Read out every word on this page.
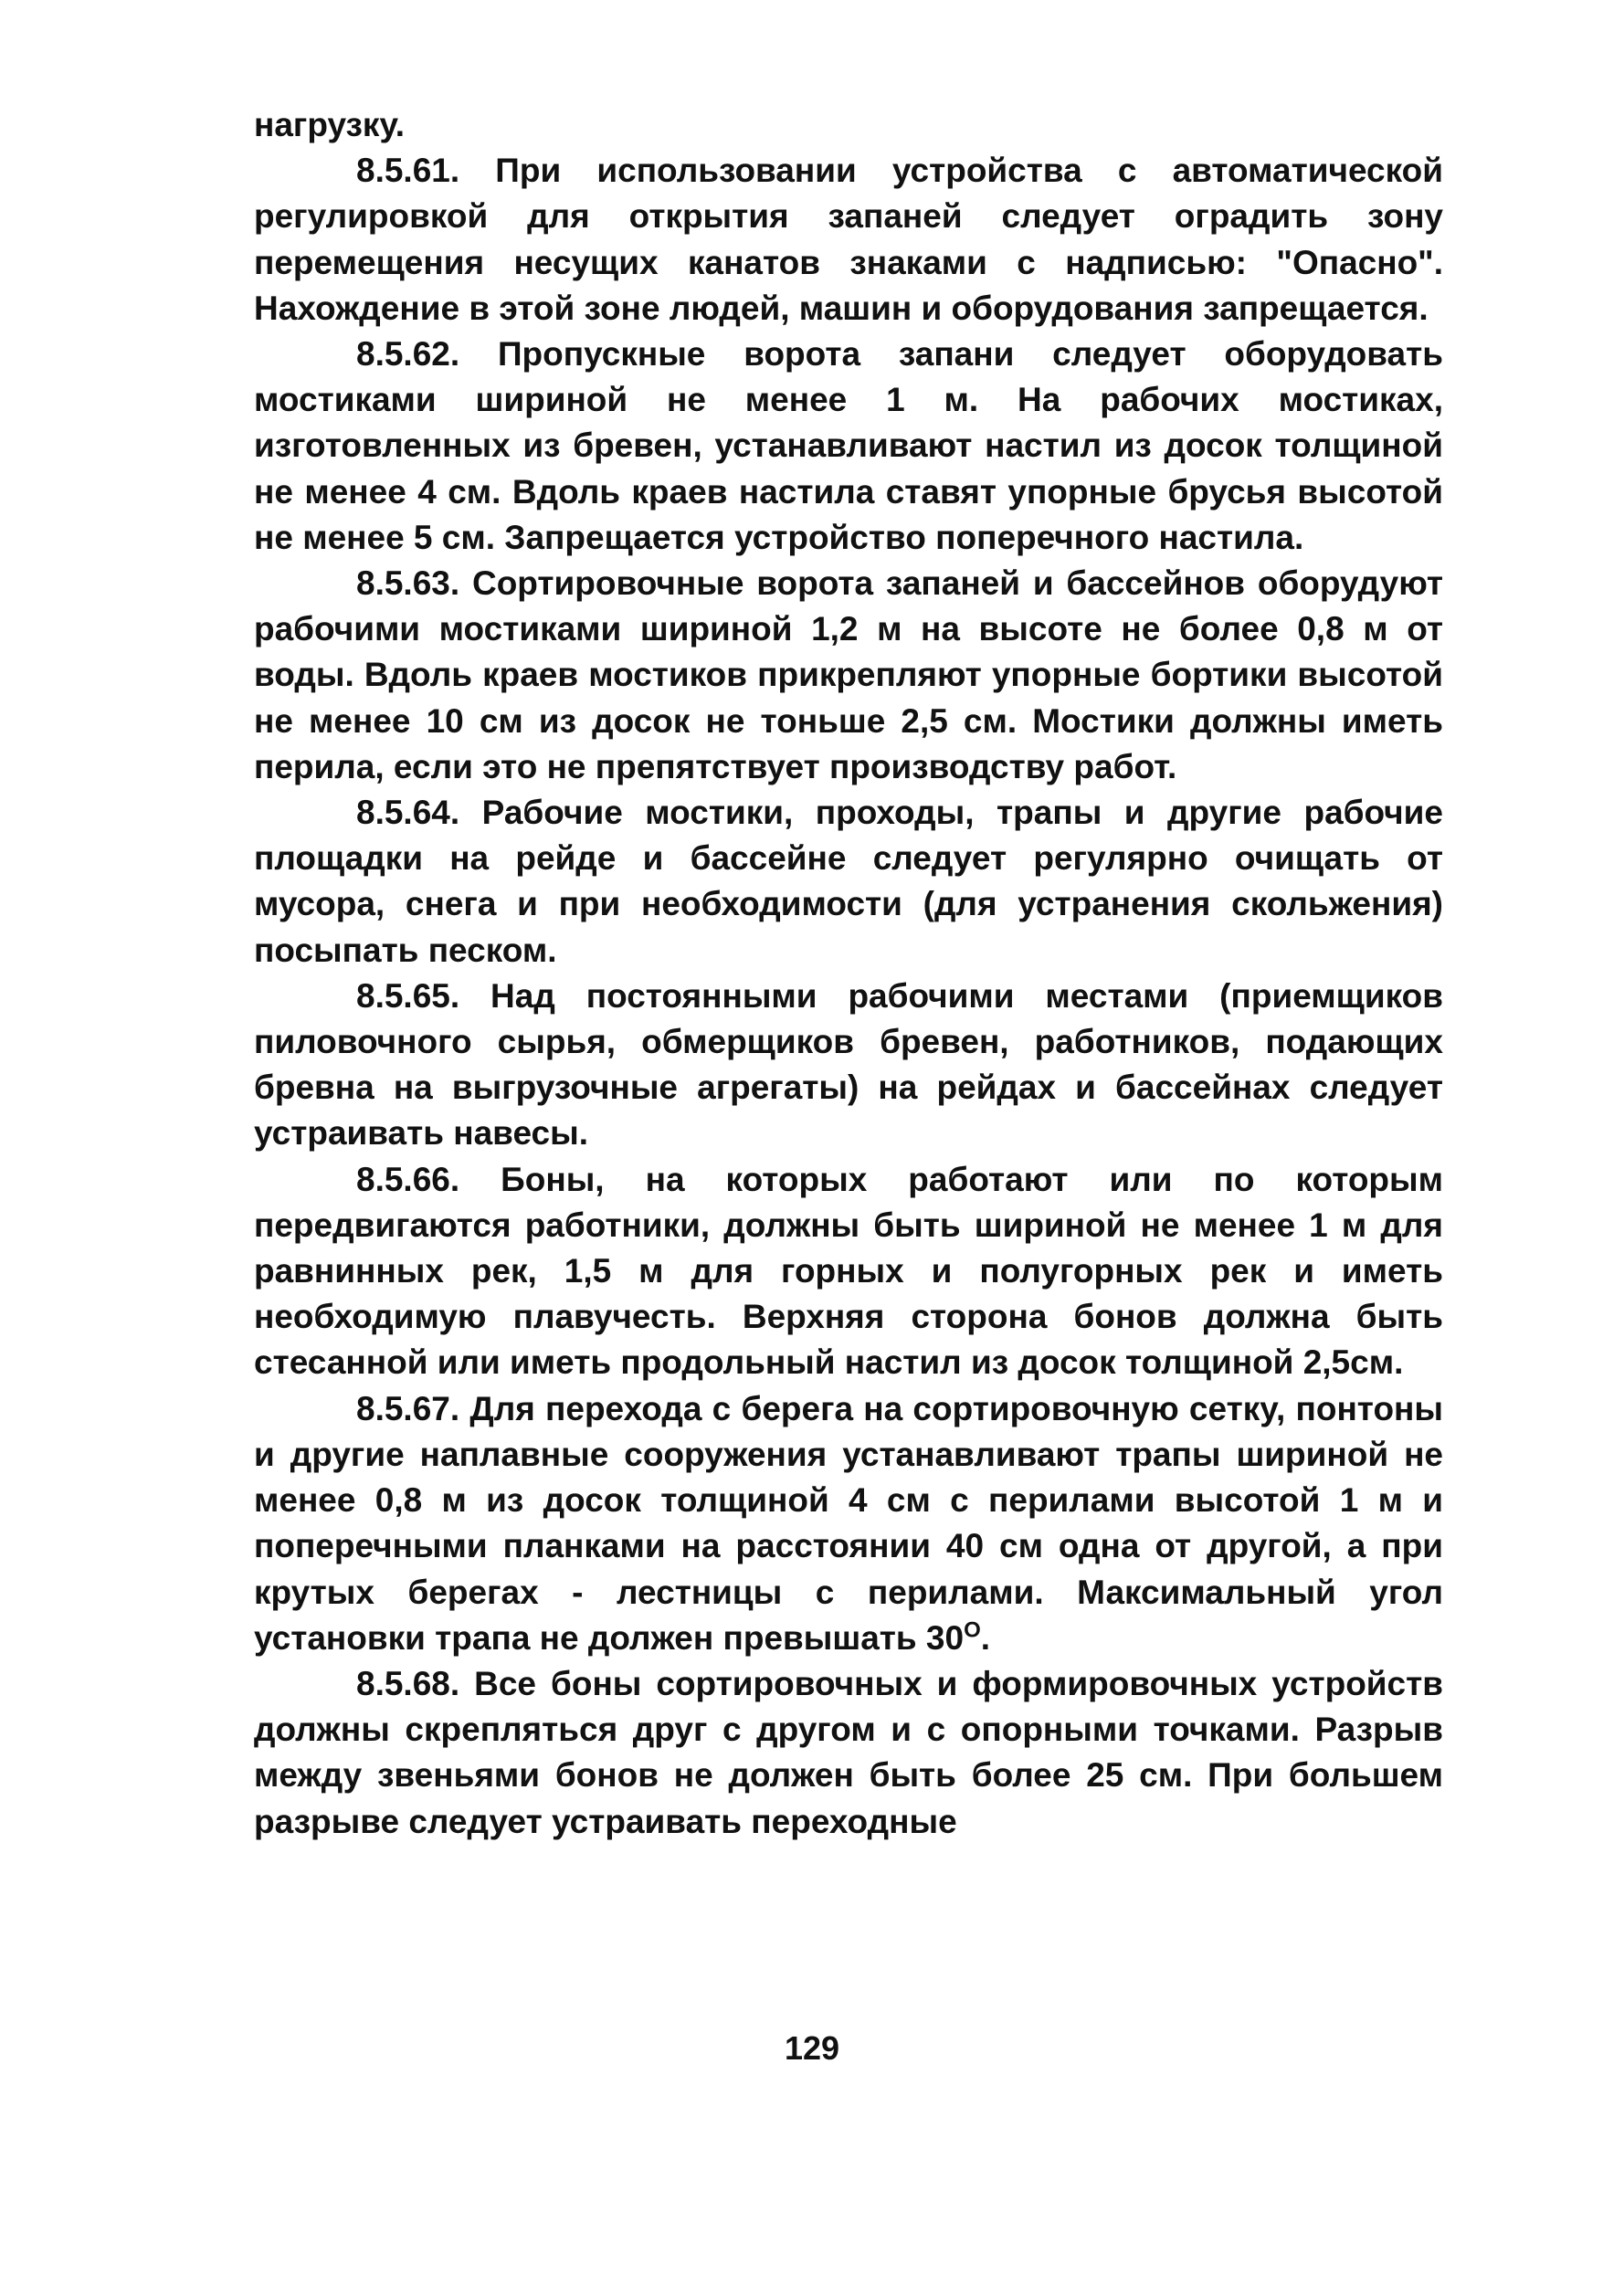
нагрузку.

8.5.61. При использовании устройства с автоматической регулировкой для открытия запаней следует оградить зону перемещения несущих канатов знаками с надписью: "Опасно". Нахождение в этой зоне людей, машин и оборудования запрещается.

8.5.62. Пропускные ворота запани следует оборудовать мостиками шириной не менее 1 м. На рабочих мостиках, изготовленных из бревен, устанавливают настил из досок толщиной не менее 4 см. Вдоль краев настила ставят упорные брусья высотой не менее 5 см. Запрещается устройство поперечного настила.

8.5.63. Сортировочные ворота запаней и бассейнов оборудуют рабочими мостиками шириной 1,2 м на высоте не более 0,8 м от воды. Вдоль краев мостиков прикрепляют упорные бортики высотой не менее 10 см из досок не тоньше 2,5 см. Мостики должны иметь перила, если это не препятствует производству работ.

8.5.64. Рабочие мостики, проходы, трапы и другие рабочие площадки на рейде и бассейне следует регулярно очищать от мусора, снега и при необходимости (для устранения скольжения) посыпать песком.

8.5.65. Над постоянными рабочими местами (приемщиков пиловочного сырья, обмерщиков бревен, работников, подающих бревна на выгрузочные агрегаты) на рейдах и бассейнах следует устраивать навесы.

8.5.66. Боны, на которых работают или по которым передвигаются работники, должны быть шириной не менее 1 м для равнинных рек, 1,5 м для горных и полугорных рек и иметь необходимую плавучесть. Верхняя сторона бонов должна быть стесанной или иметь продольный настил из досок толщиной 2,5см.

8.5.67. Для перехода с берега на сортировочную сетку, понтоны и другие наплавные сооружения устанавливают трапы шириной не менее 0,8 м из досок толщиной 4 см с перилами высотой 1 м и поперечными планками на расстоянии 40 см одна от другой, а при крутых берегах - лестницы с перилами. Максимальный угол установки трапа не должен превышать $30^О$.

8.5.68. Все боны сортировочных и формировочных устройств должны скрепляться друг с другом и с опорными точками. Разрыв между звеньями бонов не должен быть более 25 см. При большем разрыве следует устраивать переходные

129
